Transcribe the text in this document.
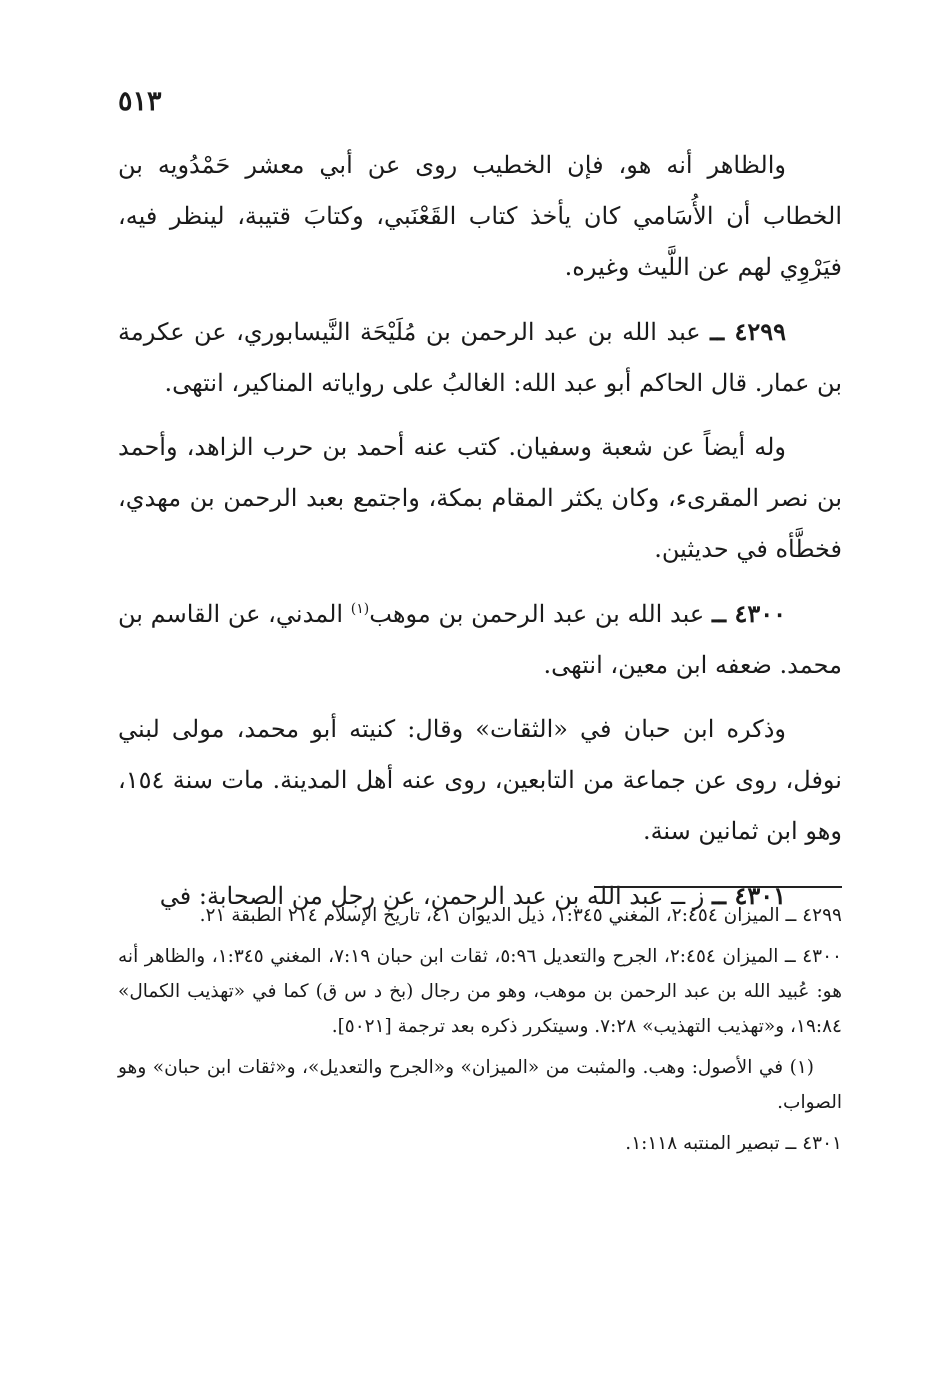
٥١٣

والظاهر أنه هو، فإن الخطيب روى عن أبي معشر حَمْدُويه بن الخطاب أن الأُسَامي كان يأخذ كتاب القَعْنَبي، وكتابَ قتيبة، لينظر فيه، فيَرْوِي لهم عن اللَّيث وغيره.

٤٢٩٩ ــ عبد الله بن عبد الرحمن بن مُلَيْحَة النَّيسابوري، عن عكرمة بن عمار. قال الحاكم أبو عبد الله: الغالبُ على رواياته المناكير، انتهى.

وله أيضاً عن شعبة وسفيان. كتب عنه أحمد بن حرب الزاهد، وأحمد بن نصر المقرىء، وكان يكثر المقام بمكة، واجتمع بعبد الرحمن بن مهدي، فخطَّأه في حديثين.

٤٣٠٠ ــ عبد الله بن عبد الرحمن بن موهب$^{(١)}$ المدني، عن القاسم بن محمد. ضعفه ابن معين، انتهى.

وذكره ابن حبان في «الثقات» وقال: كنيته أبو محمد، مولى لبني نوفل، روى عن جماعة من التابعين، روى عنه أهل المدينة. مات سنة ١٥٤، وهو ابن ثمانين سنة.

٤٣٠١ ــ ز ــ عبد الله بن عبد الرحمن، عن رجل من الصحابة: في

٤٢٩٩ ــ الميزان ٢:٤٥٤، المغني ١:٣٤٥، ذيل الديوان ٤١، تاريخ الإسلام ٢١٤ الطبقة ٢١.

٤٣٠٠ ــ الميزان ٢:٤٥٤، الجرح والتعديل ٥:٩٦، ثقات ابن حبان ٧:١٩، المغني ١:٣٤٥، والظاهر أنه هو: عُبيد الله بن عبد الرحمن بن موهب، وهو من رجال (بخ د س ق) كما في «تهذيب الكمال» ١٩:٨٤، و«تهذيب التهذيب» ٧:٢٨. وسيتكرر ذكره بعد ترجمة [٥٠٢١].

(١) في الأصول: وهب. والمثبت من «الميزان» و«الجرح والتعديل»، و«ثقات ابن حبان» وهو الصواب.

٤٣٠١ ــ تبصير المنتبه ١:١١٨.
